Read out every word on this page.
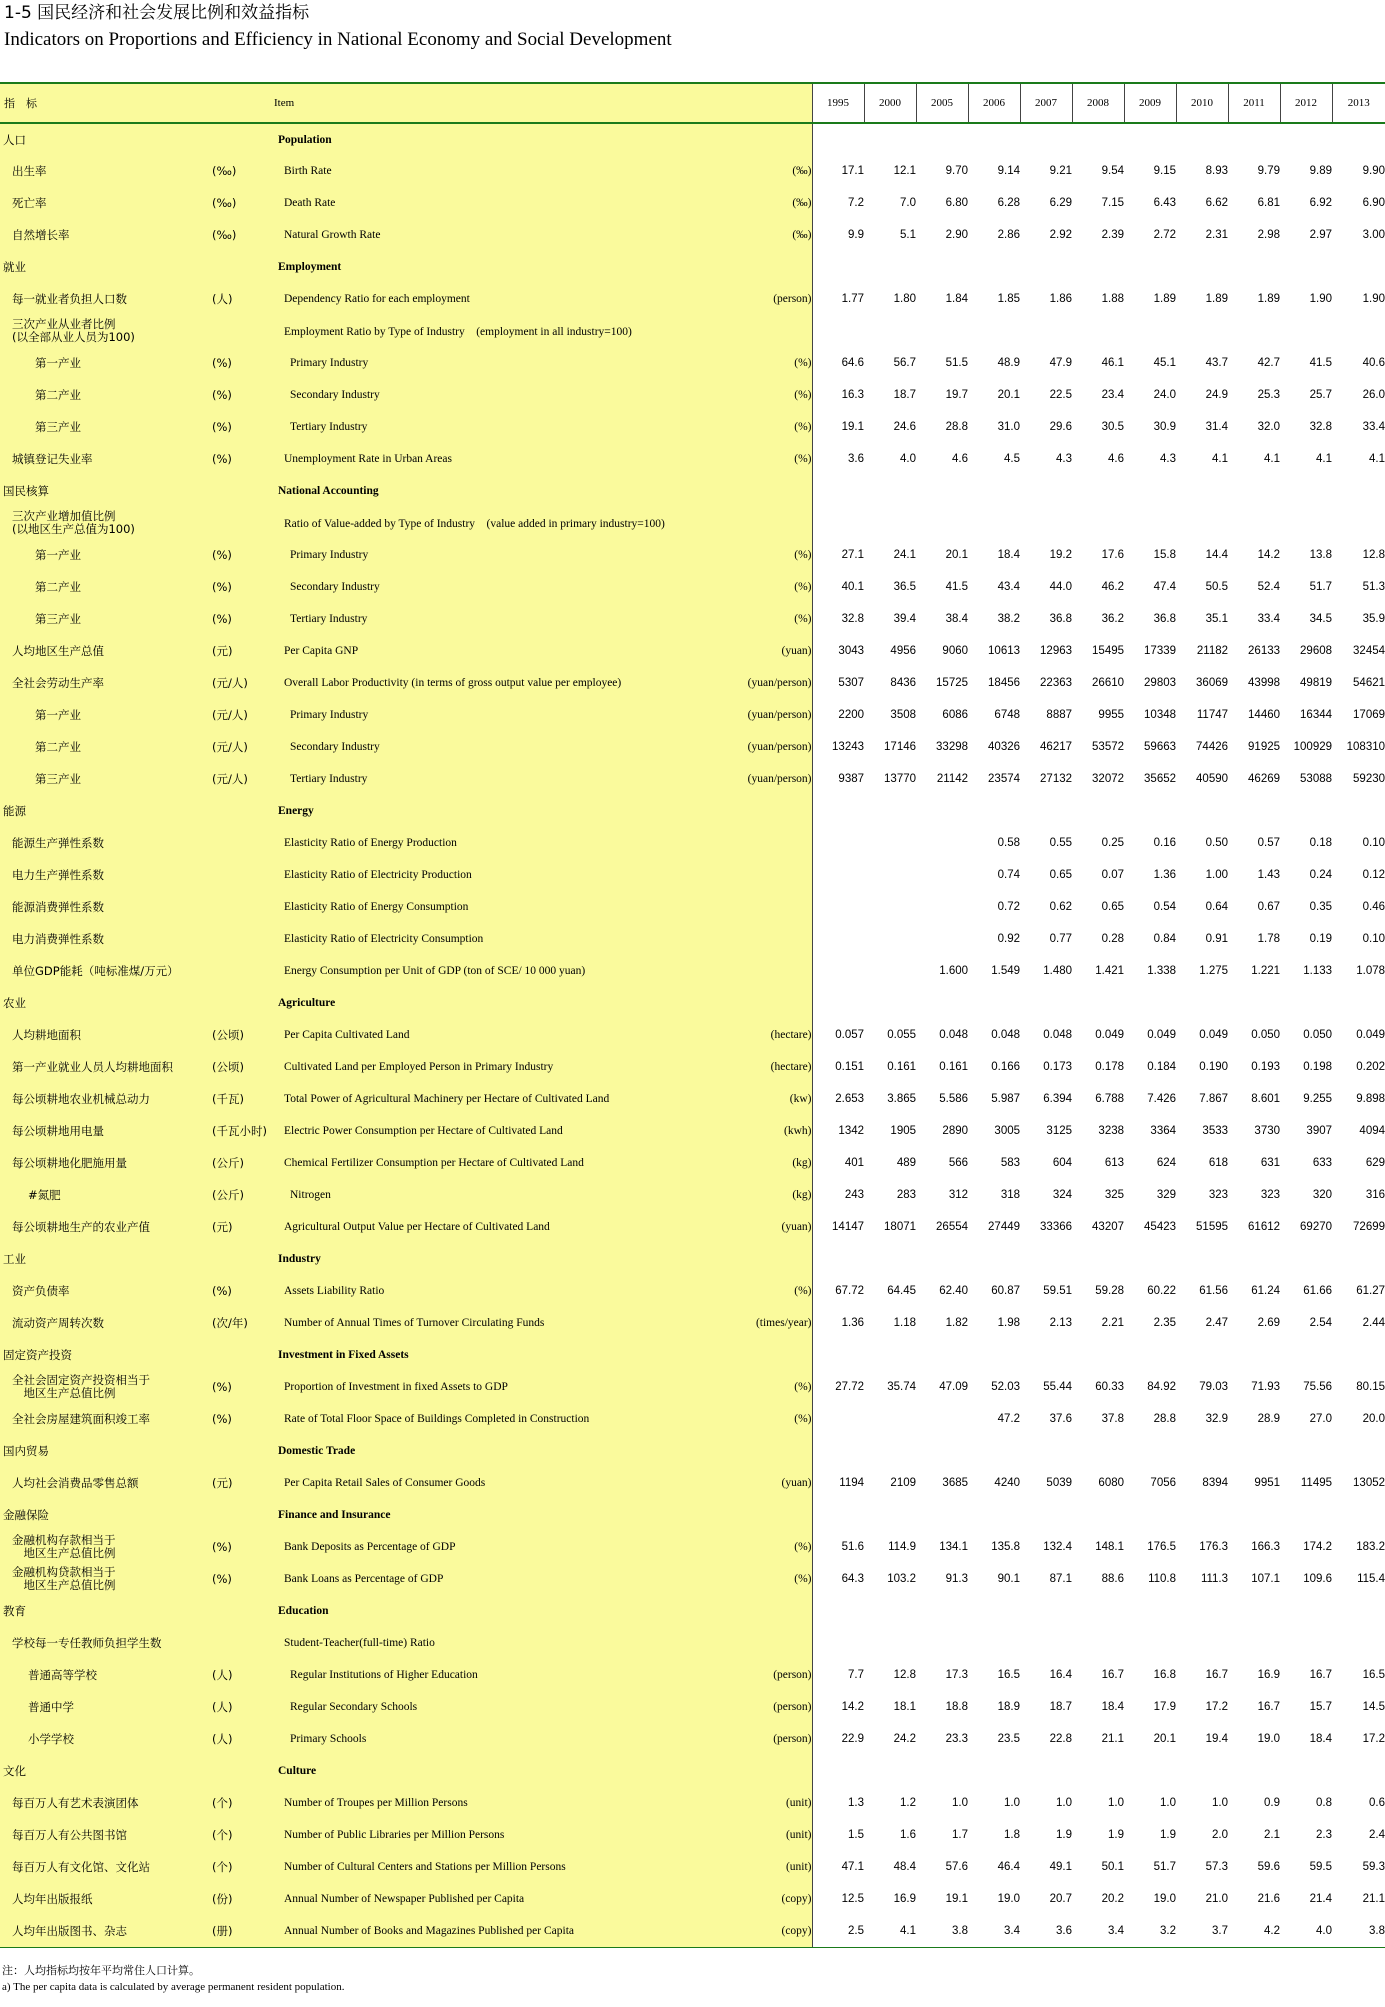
1-5 国民经济和社会发展比例和效益指标
Indicators on Proportions and Efficiency in National Economy and Social Development
指　标		Item		1995	2000	2005	2006	2007	2008	2009	2010	2011	2012	2013
人口		Population												
出生率	(‰)	Birth Rate	(‰)	17.1	12.1	9.70	9.14	9.21	9.54	9.15	8.93	9.79	9.89	9.90
死亡率	(‰)	Death Rate	(‰)	7.2	7.0	6.80	6.28	6.29	7.15	6.43	6.62	6.81	6.92	6.90
自然增长率	(‰)	Natural Growth Rate	(‰)	9.9	5.1	2.90	2.86	2.92	2.39	2.72	2.31	2.98	2.97	3.00
就业		Employment												
每一就业者负担人口数	(人)	Dependency Ratio for each employment	(person)	1.77	1.80	1.84	1.85	1.86	1.88	1.89	1.89	1.89	1.90	1.90

三次产业从业者比例
(以全部从业人员为100)		Employment Ratio by Type of Industry　(employment in all industry=100)												
第一产业	(%)	Primary Industry	(%)	64.6	56.7	51.5	48.9	47.9	46.1	45.1	43.7	42.7	41.5	40.6
第二产业	(%)	Secondary Industry	(%)	16.3	18.7	19.7	20.1	22.5	23.4	24.0	24.9	25.3	25.7	26.0
第三产业	(%)	Tertiary Industry	(%)	19.1	24.6	28.8	31.0	29.6	30.5	30.9	31.4	32.0	32.8	33.4
城镇登记失业率	(%)	Unemployment Rate in Urban Areas	(%)	3.6	4.0	4.6	4.5	4.3	4.6	4.3	4.1	4.1	4.1	4.1
国民核算		National Accounting												

三次产业增加值比例
(以地区生产总值为100)		Ratio of Value-added by Type of Industry　(value added in primary industry=100)												
第一产业	(%)	Primary Industry	(%)	27.1	24.1	20.1	18.4	19.2	17.6	15.8	14.4	14.2	13.8	12.8
第二产业	(%)	Secondary Industry	(%)	40.1	36.5	41.5	43.4	44.0	46.2	47.4	50.5	52.4	51.7	51.3
第三产业	(%)	Tertiary Industry	(%)	32.8	39.4	38.4	38.2	36.8	36.2	36.8	35.1	33.4	34.5	35.9
人均地区生产总值	(元)	Per Capita GNP	(yuan)	3043	4956	9060	10613	12963	15495	17339	21182	26133	29608	32454
全社会劳动生产率	(元/人)	Overall Labor Productivity (in terms of gross output value per employee)	(yuan/person)	5307	8436	15725	18456	22363	26610	29803	36069	43998	49819	54621
第一产业	(元/人)	Primary Industry	(yuan/person)	2200	3508	6086	6748	8887	9955	10348	11747	14460	16344	17069
第二产业	(元/人)	Secondary Industry	(yuan/person)	13243	17146	33298	40326	46217	53572	59663	74426	91925	100929	108310
第三产业	(元/人)	Tertiary Industry	(yuan/person)	9387	13770	21142	23574	27132	32072	35652	40590	46269	53088	59230
能源		Energy												
能源生产弹性系数		Elasticity Ratio of Energy Production					0.58	0.55	0.25	0.16	0.50	0.57	0.18	0.10
电力生产弹性系数		Elasticity Ratio of Electricity Production					0.74	0.65	0.07	1.36	1.00	1.43	0.24	0.12
能源消费弹性系数		Elasticity Ratio of Energy Consumption					0.72	0.62	0.65	0.54	0.64	0.67	0.35	0.46
电力消费弹性系数		Elasticity Ratio of Electricity Consumption					0.92	0.77	0.28	0.84	0.91	1.78	0.19	0.10
单位GDP能耗（吨标准煤/万元）		Energy Consumption per Unit of GDP (ton of SCE/ 10 000 yuan)				1.600	1.549	1.480	1.421	1.338	1.275	1.221	1.133	1.078
农业		Agriculture												
人均耕地面积	(公顷)	Per Capita Cultivated Land	(hectare)	0.057	0.055	0.048	0.048	0.048	0.049	0.049	0.049	0.050	0.050	0.049
第一产业就业人员人均耕地面积	(公顷)	Cultivated Land per Employed Person in Primary Industry	(hectare)	0.151	0.161	0.161	0.166	0.173	0.178	0.184	0.190	0.193	0.198	0.202
每公顷耕地农业机械总动力	(千瓦)	Total Power of Agricultural Machinery per Hectare of Cultivated Land	(kw)	2.653	3.865	5.586	5.987	6.394	6.788	7.426	7.867	8.601	9.255	9.898
每公顷耕地用电量	(千瓦小时)	Electric Power Consumption per Hectare of Cultivated Land	(kwh)	1342	1905	2890	3005	3125	3238	3364	3533	3730	3907	4094
每公顷耕地化肥施用量	(公斤)	Chemical Fertilizer Consumption per Hectare of Cultivated Land	(kg)	401	489	566	583	604	613	624	618	631	633	629
#氮肥	(公斤)	Nitrogen	(kg)	243	283	312	318	324	325	329	323	323	320	316
每公顷耕地生产的农业产值	(元)	Agricultural Output Value per Hectare of Cultivated Land	(yuan)	14147	18071	26554	27449	33366	43207	45423	51595	61612	69270	72699
工业		Industry												
资产负债率	(%)	Assets Liability Ratio	(%)	67.72	64.45	62.40	60.87	59.51	59.28	60.22	61.56	61.24	61.66	61.27
流动资产周转次数	(次/年)	Number of Annual Times of Turnover Circulating Funds	(times/year)	1.36	1.18	1.82	1.98	2.13	2.21	2.35	2.47	2.69	2.54	2.44
固定资产投资		Investment in Fixed Assets												

全社会固定资产投资相当于
　地区生产总值比例	(%)	Proportion of Investment in fixed Assets to GDP	(%)	27.72	35.74	47.09	52.03	55.44	60.33	84.92	79.03	71.93	75.56	80.15
全社会房屋建筑面积竣工率	(%)	Rate of Total Floor Space of Buildings Completed in Construction	(%)				47.2	37.6	37.8	28.8	32.9	28.9	27.0	20.0
国内贸易		Domestic Trade												
人均社会消费品零售总额	(元)	Per Capita Retail Sales of Consumer Goods	(yuan)	1194	2109	3685	4240	5039	6080	7056	8394	9951	11495	13052
金融保险		Finance and Insurance												

金融机构存款相当于
　地区生产总值比例	(%)	Bank Deposits as Percentage of GDP	(%)	51.6	114.9	134.1	135.8	132.4	148.1	176.5	176.3	166.3	174.2	183.2

金融机构贷款相当于
　地区生产总值比例	(%)	Bank Loans as Percentage of GDP	(%)	64.3	103.2	91.3	90.1	87.1	88.6	110.8	111.3	107.1	109.6	115.4
教育		Education												
学校每一专任教师负担学生数		Student-Teacher(full-time) Ratio												
普通高等学校	(人)	Regular Institutions of Higher Education	(person)	7.7	12.8	17.3	16.5	16.4	16.7	16.8	16.7	16.9	16.7	16.5
普通中学	(人)	Regular Secondary Schools	(person)	14.2	18.1	18.8	18.9	18.7	18.4	17.9	17.2	16.7	15.7	14.5
小学学校	(人)	Primary Schools	(person)	22.9	24.2	23.3	23.5	22.8	21.1	20.1	19.4	19.0	18.4	17.2
文化		Culture												
每百万人有艺术表演团体	(个)	Number of Troupes per Million Persons	(unit)	1.3	1.2	1.0	1.0	1.0	1.0	1.0	1.0	0.9	0.8	0.6
每百万人有公共图书馆	(个)	Number of Public Libraries per Million Persons	(unit)	1.5	1.6	1.7	1.8	1.9	1.9	1.9	2.0	2.1	2.3	2.4
每百万人有文化馆、文化站	(个)	Number of Cultural Centers and Stations per Million Persons	(unit)	47.1	48.4	57.6	46.4	49.1	50.1	51.7	57.3	59.6	59.5	59.3
人均年出版报纸	(份)	Annual Number of Newspaper Published per Capita	(copy)	12.5	16.9	19.1	19.0	20.7	20.2	19.0	21.0	21.6	21.4	21.1
人均年出版图书、杂志	(册)	Annual Number of Books and Magazines Published per Capita	(copy)	2.5	4.1	3.8	3.4	3.6	3.4	3.2	3.7	4.2	4.0	3.8
注：人均指标均按年平均常住人口计算。
a) The per capita data is calculated by average permanent resident population.
